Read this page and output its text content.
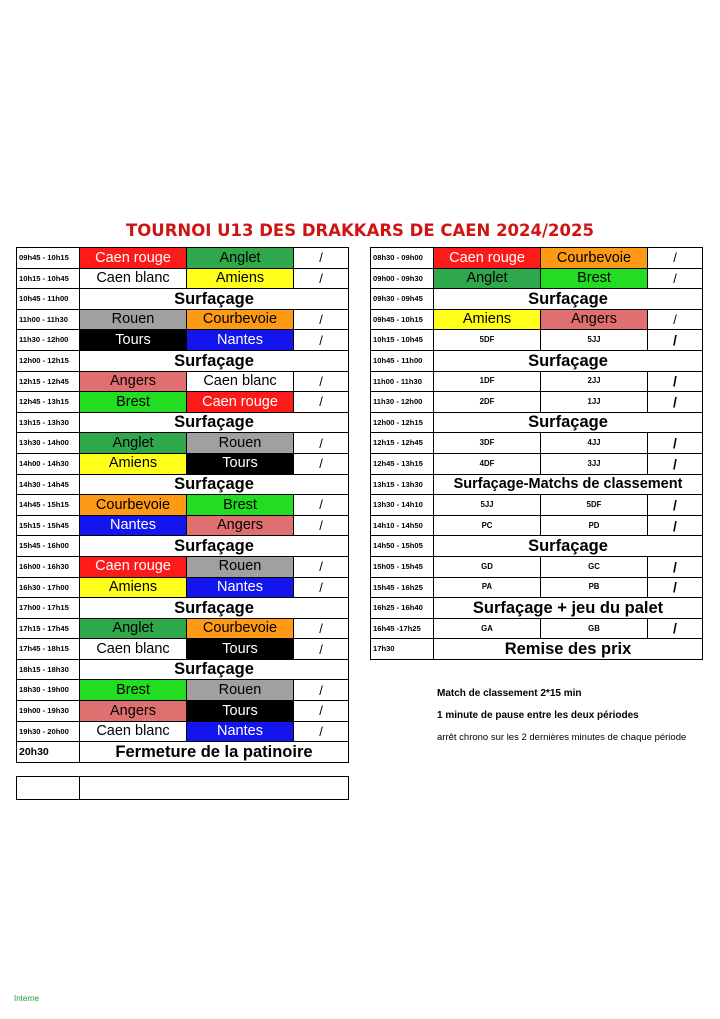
TOURNOI U13 DES DRAKKARS DE CAEN 2024/2025
09h45 - 10h15	Caen rouge	Anglet	/
10h15 - 10h45	Caen blanc	Amiens	/
10h45 - 11h00	Surfaçage		
11h00 - 11h30	Rouen	Courbevoie	/
11h30 - 12h00	Tours	Nantes	/
12h00 - 12h15	Surfaçage		
12h15 - 12h45	Angers	Caen blanc	/
12h45 - 13h15	Brest	Caen rouge	/
13h15 - 13h30	Surfaçage		
13h30 - 14h00	Anglet	Rouen	/
14h00 - 14h30	Amiens	Tours	/
14h30 - 14h45	Surfaçage		
14h45 - 15h15	Courbevoie	Brest	/
15h15 - 15h45	Nantes	Angers	/
15h45 - 16h00	Surfaçage		
16h00 - 16h30	Caen rouge	Rouen	/
16h30 - 17h00	Amiens	Nantes	/
17h00 - 17h15	Surfaçage		
17h15 - 17h45	Anglet	Courbevoie	/
17h45 - 18h15	Caen blanc	Tours	/
18h15 - 18h30	Surfaçage		
18h30 - 19h00	Brest	Rouen	/
19h00 - 19h30	Angers	Tours	/
19h30 - 20h00	Caen blanc	Nantes	/
20h30	Fermeture de la patinoire		
08h30 - 09h00	Caen rouge	Courbevoie	/
09h00 - 09h30	Anglet	Brest	/
09h30 - 09h45	Surfaçage		
09h45 - 10h15	Amiens	Angers	/
10h15 - 10h45	5DF	5JJ	/
10h45 - 11h00	Surfaçage		
11h00 - 11h30	1DF	2JJ	/
11h30 - 12h00	2DF	1JJ	/
12h00 - 12h15	Surfaçage		
12h15 - 12h45	3DF	4JJ	/
12h45 - 13h15	4DF	3JJ	/
13h15 - 13h30	Surfaçage-Matchs de classement		
13h30 - 14h10	5JJ	5DF	/
14h10 - 14h50	PC	PD	/
14h50 - 15h05	Surfaçage		
15h05 - 15h45	GD	GC	/
15h45 - 16h25	PA	PB	/
16h25 - 16h40	Surfaçage + jeu du palet		
16h45 -17h25	GA	GB	/
17h30	Remise des prix		

Match de classement 2*15 min
1 minute de pause entre les deux périodes
arrêt chrono sur les 2 dernières minutes de chaque période
Interne
